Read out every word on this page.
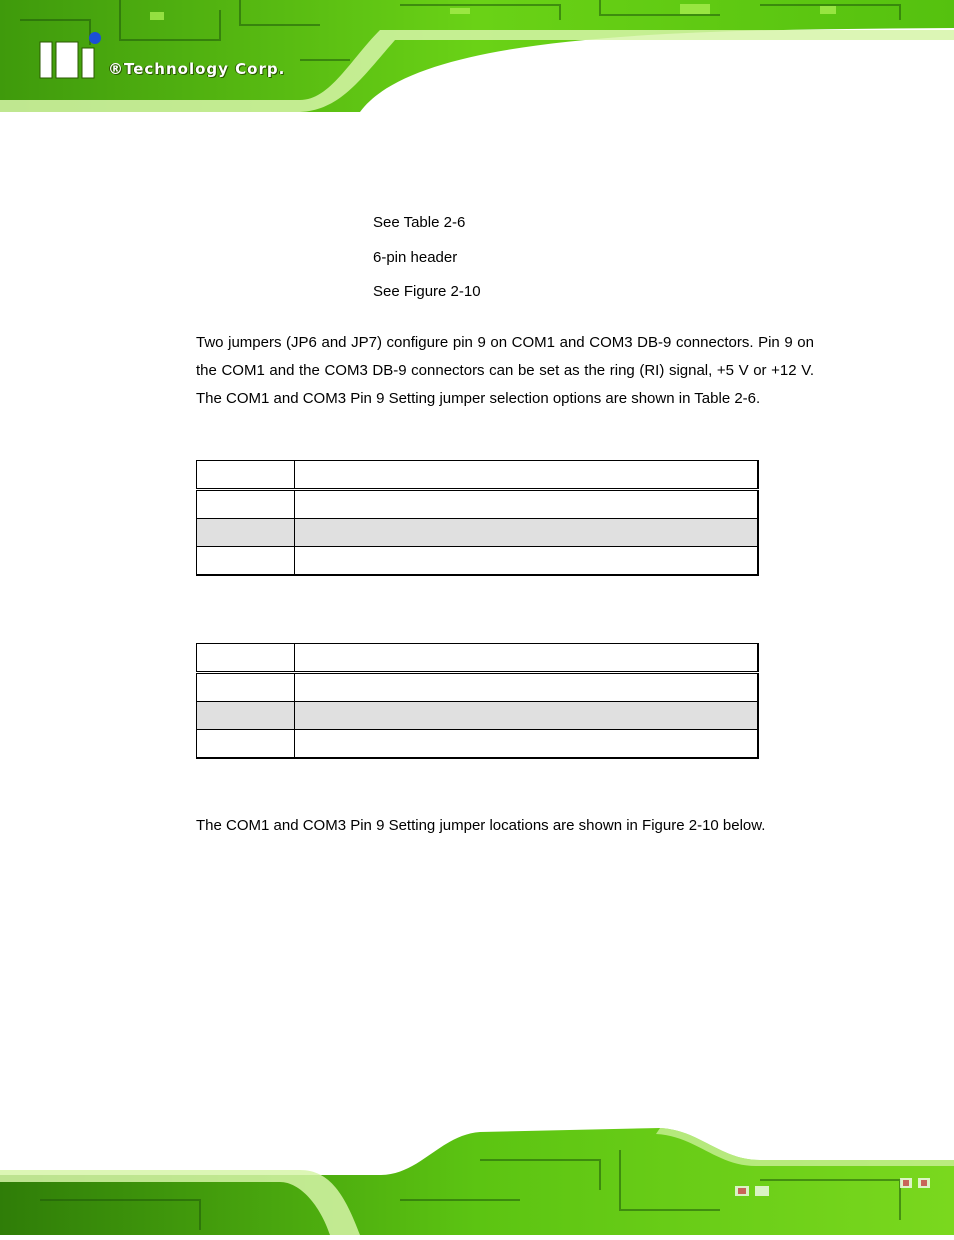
®Technology Corp.
See Table 2-6
6-pin header
See Figure 2-10
Two jumpers (JP6 and JP7) configure pin 9 on COM1 and COM3 DB-9 connectors. Pin 9 on the COM1 and the COM3 DB-9 connectors can be set as the ring (RI) signal, +5 V or +12 V. The COM1 and COM3 Pin 9 Setting jumper selection options are shown in Table 2-6.

The COM1 and COM3 Pin 9 Setting jumper locations are shown in Figure 2-10 below.
